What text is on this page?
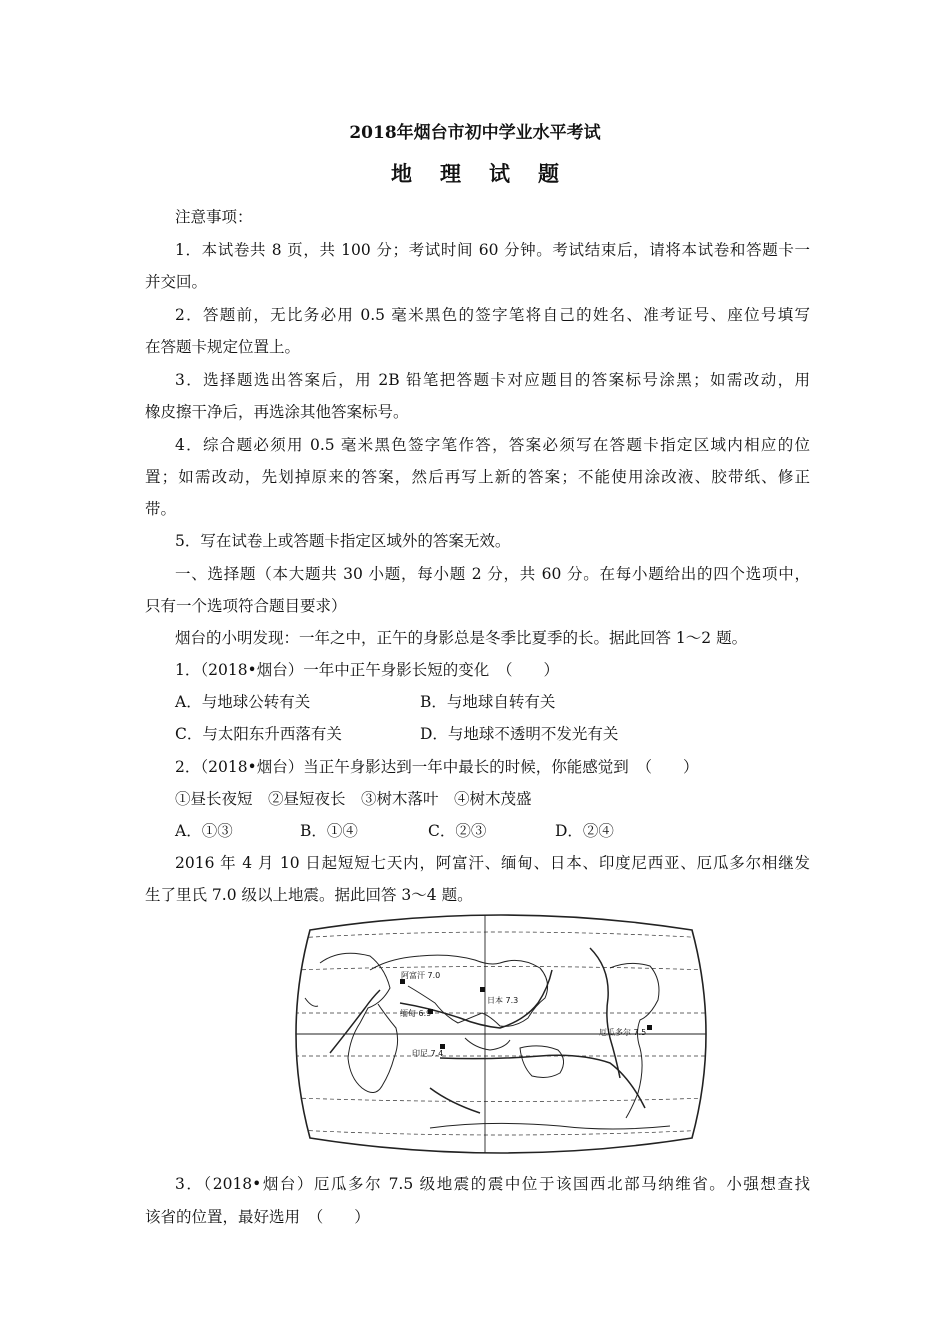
2018年烟台市初中学业水平考试
地理试题
注意事项：
1．本试卷共 8 页，共 100 分；考试时间 60 分钟。考试结束后，请将本试卷和答题卡一
并交回。
2．答题前，无比务必用 0.5 毫米黑色的签字笔将自己的姓名、准考证号、座位号填写
在答题卡规定位置上。
3．选择题选出答案后，用 2B 铅笔把答题卡对应题目的答案标号涂黑；如需改动，用
橡皮擦干净后，再选涂其他答案标号。
4．综合题必须用 0.5 毫米黑色签字笔作答，答案必须写在答题卡指定区域内相应的位
置；如需改动，先划掉原来的答案，然后再写上新的答案；不能使用涂改液、胶带纸、修正
带。
5．写在试卷上或答题卡指定区域外的答案无效。
一、选择题（本大题共 30 小题，每小题 2 分，共 60 分。在每小题给出的四个选项中，
只有一个选项符合题目要求）
烟台的小明发现：一年之中，正午的身影总是冬季比夏季的长。据此回答 1～2 题。
1．（2018•烟台）一年中正午身影长短的变化　（　　）
A．与地球公转有关	B．与地球自转有关
C．与太阳东升西落有关	D．与地球不透明不发光有关
2．（2018•烟台）当正午身影达到一年中最长的时候，你能感觉到　（　　）
①昼长夜短　②昼短夜长　③树木落叶　④树木茂盛
A．①③	B．①④	C．②③	D．②④
2016 年 4 月 10 日起短短七天内，阿富汗、缅甸、日本、印度尼西亚、厄瓜多尔相继发
生了里氏 7.0 级以上地震。据此回答 3～4 题。
阿富汗 7.0
缅甸 6.9
日本 7.3
印尼 7.4
厄瓜多尔 7.5
3．（2018•烟台）厄瓜多尔 7.5 级地震的震中位于该国西北部马纳维省。小强想查找
该省的位置，最好选用　（　　）
